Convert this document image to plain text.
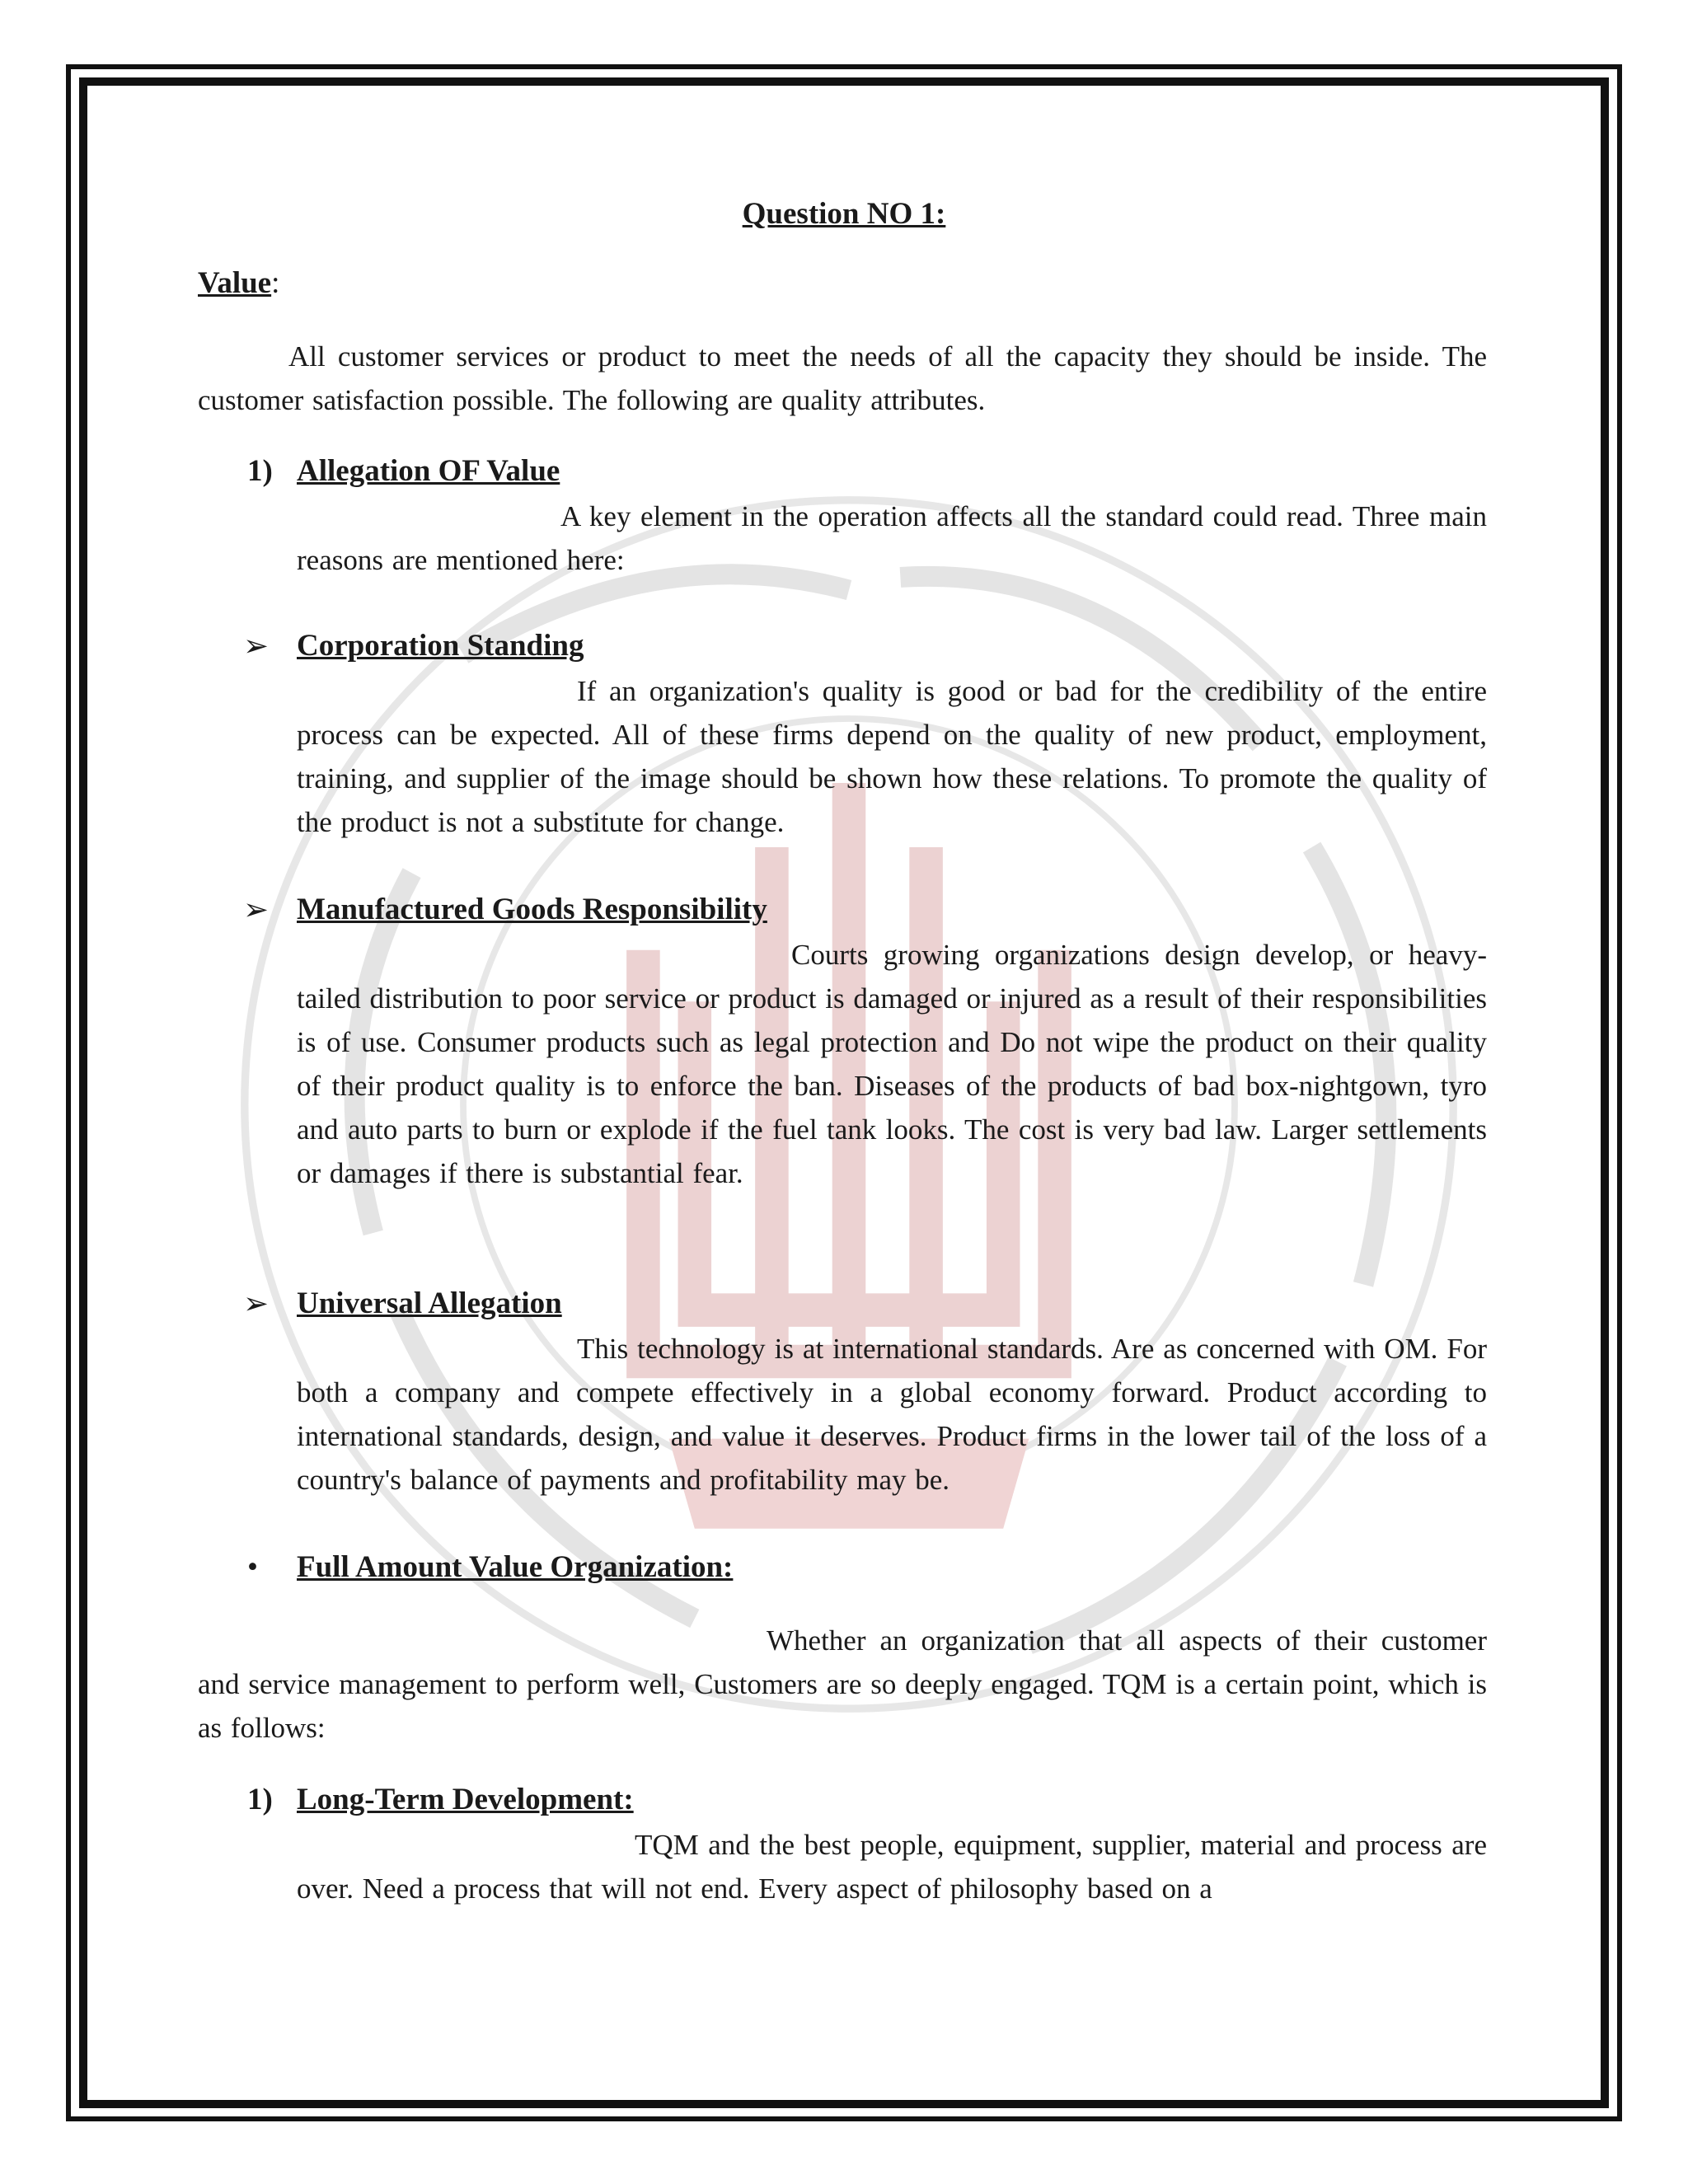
Question NO 1:
Value:

All customer services or product to meet the needs of all the capacity they should be inside. The customer satisfaction possible. The following are quality attributes.

1) Allegation OF Value

A key element in the operation affects all the standard could read. Three main reasons are mentioned here:

➢ Corporation Standing

If an organization's quality is good or bad for the credibility of the entire process can be expected. All of these firms depend on the quality of new product, employment, training, and supplier of the image should be shown how these relations. To promote the quality of the product is not a substitute for change.

➢ Manufactured Goods Responsibility

Courts growing organizations design develop, or heavy-tailed distribution to poor service or product is damaged or injured as a result of their responsibilities is of use. Consumer products such as legal protection and Do not wipe the product on their quality of their product quality is to enforce the ban. Diseases of the products of bad box-nightgown, tyro and auto parts to burn or explode if the fuel tank looks. The cost is very bad law. Larger settlements or damages if there is substantial fear.

➢ Universal Allegation

This technology is at international standards. Are as concerned with OM. For both a company and compete effectively in a global economy forward. Product according to international standards, design, and value it deserves. Product firms in the lower tail of the loss of a country's balance of payments and profitability may be.

• Full Amount Value Organization:

Whether an organization that all aspects of their customer and service management to perform well, Customers are so deeply engaged. TQM is a certain point, which is as follows:

1) Long-Term Development:

TQM and the best people, equipment, supplier, material and process are over. Need a process that will not end. Every aspect of philosophy based on a
